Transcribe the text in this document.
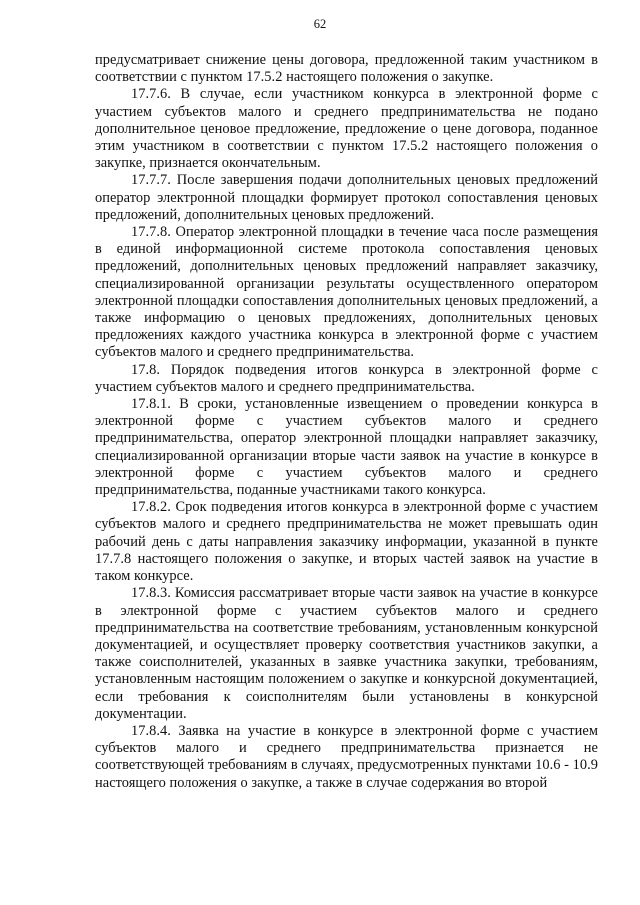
62

предусматривает снижение цены договора, предложенной таким участником в соответствии с пунктом 17.5.2 настоящего положения о закупке.

17.7.6. В случае, если участником конкурса в электронной форме с участием субъектов малого и среднего предпринимательства не подано дополнительное ценовое предложение, предложение о цене договора, поданное этим участником в соответствии с пунктом 17.5.2 настоящего положения о закупке, признается окончательным.

17.7.7. После завершения подачи дополнительных ценовых предложений оператор электронной площадки формирует протокол сопоставления ценовых предложений, дополнительных ценовых предложений.

17.7.8. Оператор электронной площадки в течение часа после размещения в единой информационной системе протокола сопоставления ценовых предложений, дополнительных ценовых предложений направляет заказчику, специализированной организации результаты осуществленного оператором электронной площадки сопоставления дополнительных ценовых предложений, а также информацию о ценовых предложениях, дополнительных ценовых предложениях каждого участника конкурса в электронной форме с участием субъектов малого и среднего предпринимательства.

17.8. Порядок подведения итогов конкурса в электронной форме с участием субъектов малого и среднего предпринимательства.

17.8.1. В сроки, установленные извещением о проведении конкурса в электронной форме с участием субъектов малого и среднего предпринимательства, оператор электронной площадки направляет заказчику, специализированной организации вторые части заявок на участие в конкурсе в электронной форме с участием субъектов малого и среднего предпринимательства, поданные участниками такого конкурса.

17.8.2. Срок подведения итогов конкурса в электронной форме с участием субъектов малого и среднего предпринимательства не может превышать один рабочий день с даты направления заказчику информации, указанной в пункте 17.7.8 настоящего положения о закупке, и вторых частей заявок на участие в таком конкурсе.

17.8.3. Комиссия рассматривает вторые части заявок на участие в конкурсе в электронной форме с участием субъектов малого и среднего предпринимательства на соответствие требованиям, установленным конкурсной документацией, и осуществляет проверку соответствия участников закупки, а также соисполнителей, указанных в заявке участника закупки, требованиям, установленным настоящим положением о закупке и конкурсной документацией, если требования к соисполнителям были установлены в конкурсной документации.

17.8.4. Заявка на участие в конкурсе в электронной форме с участием субъектов малого и среднего предпринимательства признается не соответствующей требованиям в случаях, предусмотренных пунктами 10.6 - 10.9 настоящего положения о закупке, а также в случае содержания во второй
